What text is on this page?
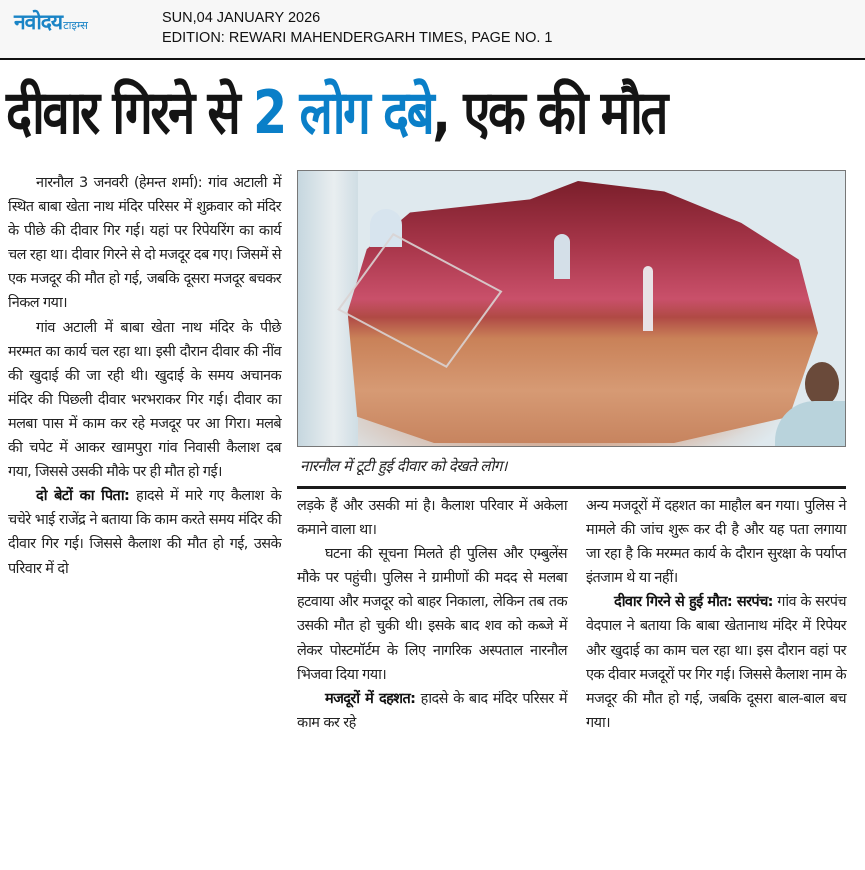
नवोदय टाइम्स	SUN,04 JANUARY 2026
EDITION: REWARI MAHENDERGARH TIMES, PAGE NO. 1
दीवार गिरने से 2 लोग दबे, एक की मौत

नारनौल 3 जनवरी (हेमन्त शर्मा): गांव अटाली में स्थित बाबा खेता नाथ मंदिर परिसर में शुक्रवार को मंदिर के पीछे की दीवार गिर गई। यहां पर रिपेयरिंग का कार्य चल रहा था। दीवार गिरने से दो मजदूर दब गए। जिसमें से एक मजदूर की मौत हो गई, जबकि दूसरा मजदूर बचकर निकल गया।

गांव अटाली में बाबा खेता नाथ मंदिर के पीछे मरम्मत का कार्य चल रहा था। इसी दौरान दीवार की नींव की खुदाई की जा रही थी। खुदाई के समय अचानक मंदिर की पिछली दीवार भरभराकर गिर गई। दीवार का मलबा पास में काम कर रहे मजदूर पर आ गिरा। मलबे की चपेट में आकर खामपुरा गांव निवासी कैलाश दब गया, जिससे उसकी मौके पर ही मौत हो गई।

दो बेटों का पिता: हादसे में मारे गए कैलाश के चचेरे भाई राजेंद्र ने बताया कि काम करते समय मंदिर की दीवार गिर गई। जिससे कैलाश की मौत हो गई, उसके परिवार में दो

नारनौल में टूटी हुई दीवार को देखते लोग।

लड़के हैं और उसकी मां है। कैलाश परिवार में अकेला कमाने वाला था।

घटना की सूचना मिलते ही पुलिस और एम्बुलेंस मौके पर पहुंची। पुलिस ने ग्रामीणों की मदद से मलबा हटवाया और मजदूर को बाहर निकाला, लेकिन तब तक उसकी मौत हो चुकी थी। इसके बाद शव को कब्जे में लेकर पोस्टमॉर्टम के लिए नागरिक अस्पताल नारनौल भिजवा दिया गया।

मजदूरों में दहशत: हादसे के बाद मंदिर परिसर में काम कर रहे

अन्य मजदूरों में दहशत का माहौल बन गया। पुलिस ने मामले की जांच शुरू कर दी है और यह पता लगाया जा रहा है कि मरम्मत कार्य के दौरान सुरक्षा के पर्याप्त इंतजाम थे या नहीं।

दीवार गिरने से हुई मौत: सरपंच: गांव के सरपंच वेदपाल ने बताया कि बाबा खेतानाथ मंदिर में रिपेयर और खुदाई का काम चल रहा था। इस दौरान वहां पर एक दीवार मजदूरों पर गिर गई। जिससे कैलाश नाम के मजदूर की मौत हो गई, जबकि दूसरा बाल-बाल बच गया।
